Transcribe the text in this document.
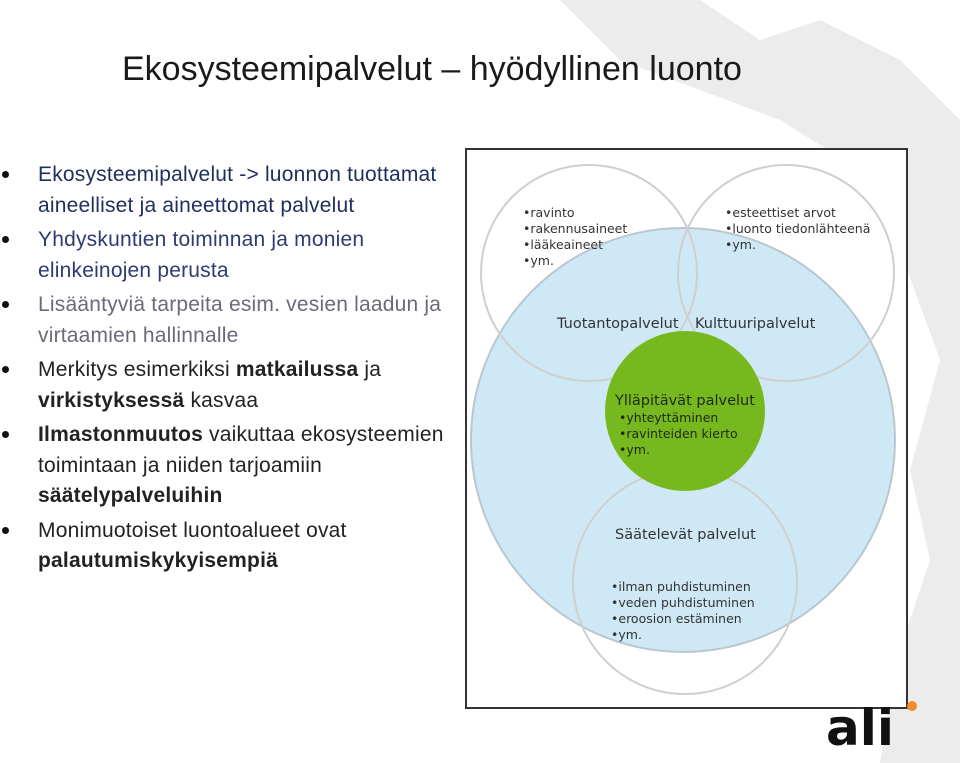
Ekosysteemipalvelut – hyödyllinen luonto
Ekosysteemipalvelut -> luonnon tuottamat aineelliset ja aineettomat palvelut
Yhdyskuntien toiminnan ja monien elinkeinojen perusta
Lisääntyviä tarpeita esim. vesien laadun ja virtaamien hallinnalle
Merkitys esimerkiksi matkailussa ja virkistyksessä kasvaa
Ilmastonmuutos vaikuttaa ekosysteemien toimintaan ja niiden tarjoamiin säätelypalveluihin
Monimuotoiset luontoalueet ovat palautumiskykyisempiä
•ravinto
•rakennusaineet
•lääkeaineet
•ym.
Tuotantopalvelut
•esteettiset arvot
•luonto tiedonlähteenä
•ym.
Kulttuuripalvelut
Ylläpitävät palvelut
•yhteyttäminen
•ravinteiden kierto
•ym.
Säätelevät palvelut
•ilman puhdistuminen
•veden puhdistuminen
•eroosion estäminen
•ym.
ali
